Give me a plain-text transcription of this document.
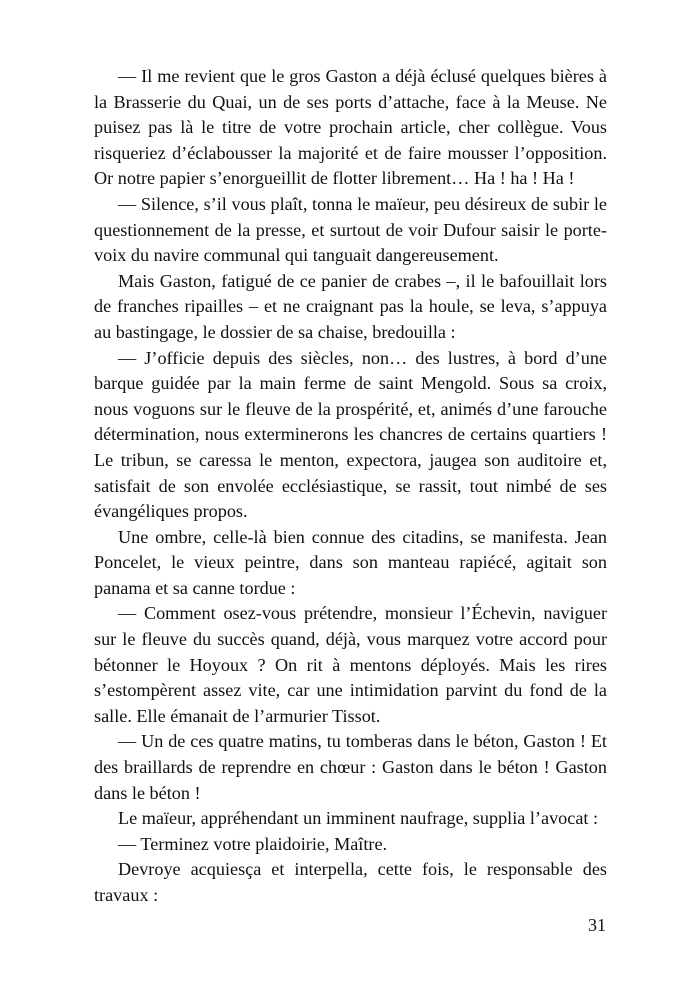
— Il me revient que le gros Gaston a déjà éclusé quelques bières à la Brasserie du Quai, un de ses ports d’attache, face à la Meuse. Ne puisez pas là le titre de votre prochain article, cher collègue. Vous risqueriez d’éclabousser la majorité et de faire mousser l’opposition. Or notre papier s’enorgueillit de flotter librement… Ha ! ha ! Ha !

— Silence, s’il vous plaît, tonna le maïeur, peu désireux de subir le questionnement de la presse, et surtout de voir Dufour saisir le porte-voix du navire communal qui tanguait dangereusement.

Mais Gaston, fatigué de ce panier de crabes –, il le bafouillait lors de franches ripailles – et ne craignant pas la houle, se leva, s’appuya au bastingage, le dossier de sa chaise, bredouilla :

— J’officie depuis des siècles, non… des lustres, à bord d’une barque guidée par la main ferme de saint Mengold. Sous sa croix, nous voguons sur le fleuve de la prospérité, et, animés d’une farouche détermination, nous exterminerons les chancres de certains quartiers ! Le tribun, se caressa le menton, expectora, jaugea son auditoire et, satisfait de son envolée ecclésiastique, se rassit, tout nimbé de ses évangéliques propos.

Une ombre, celle-là bien connue des citadins, se manifesta. Jean Poncelet, le vieux peintre, dans son manteau rapiécé, agitait son panama et sa canne tordue :

— Comment osez-vous prétendre, monsieur l’Échevin, naviguer sur le fleuve du succès quand, déjà, vous marquez votre accord pour bétonner le Hoyoux ? On rit à mentons déployés. Mais les rires s’estompèrent assez vite, car une intimidation parvint du fond de la salle. Elle émanait de l’armurier Tissot.

— Un de ces quatre matins, tu tomberas dans le béton, Gaston ! Et des braillards de reprendre en chœur : Gaston dans le béton ! Gaston dans le béton !

Le maïeur, appréhendant un imminent naufrage, supplia l’avocat :

— Terminez votre plaidoirie, Maître.

Devroye acquiesça et interpella, cette fois, le responsable des travaux :

31
